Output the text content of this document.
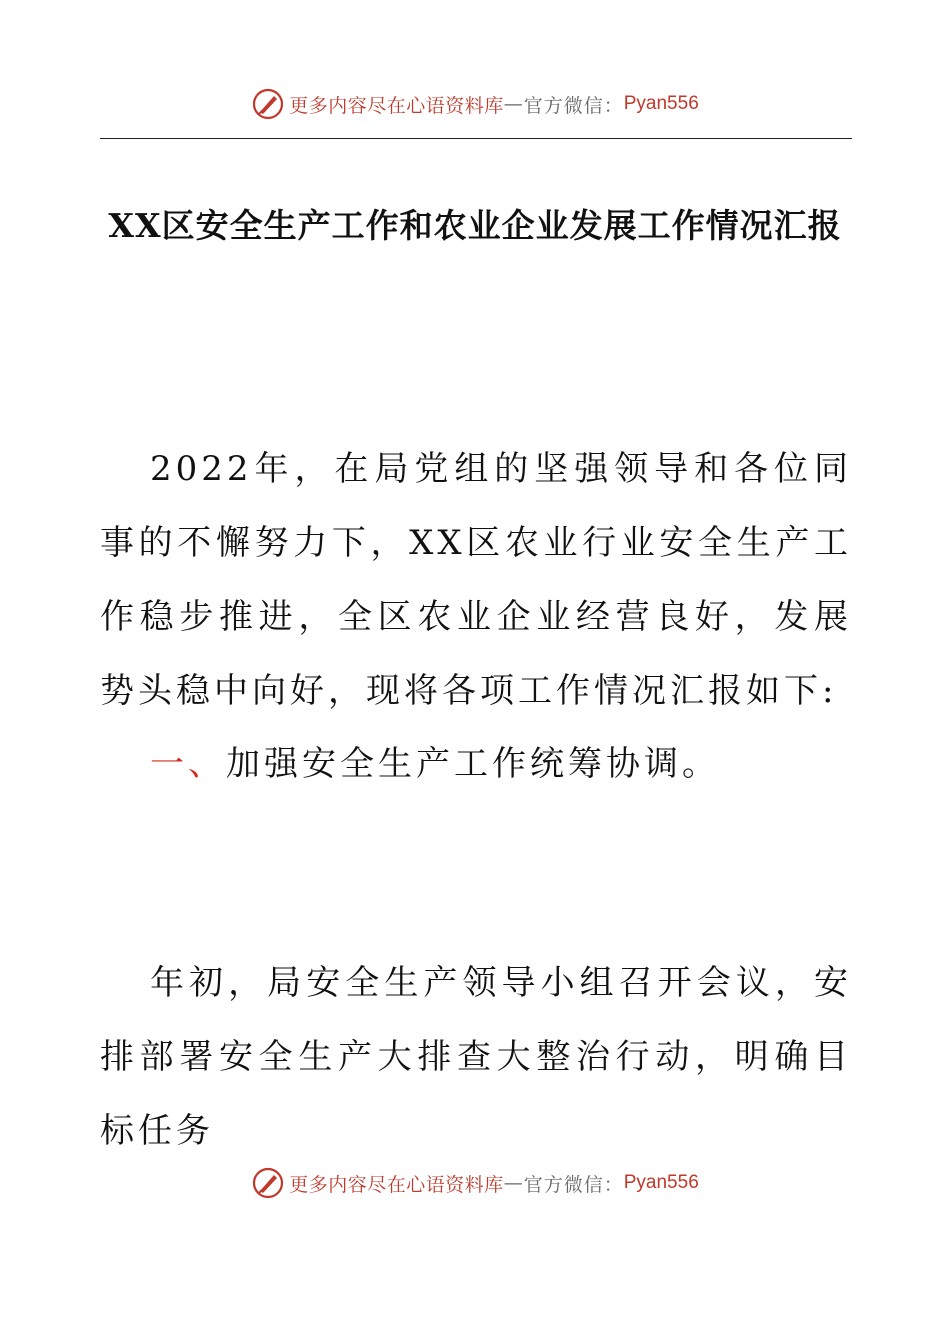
更多内容尽在心语资料库 — 官方微信： Pyan556
XX区安全生产工作和农业企业发展工作情况汇报

2022年，在局党组的坚强领导和各位同事的不懈努力下，XX区农业行业安全生产工作稳步推进，全区农业企业经营良好，发展势头稳中向好，现将各项工作情况汇报如下:

一、加强安全生产工作统筹协调。

年初，局安全生产领导小组召开会议，安排部署安全生产大排查大整治行动，明确目标任务

更多内容尽在心语资料库 — 官方微信： Pyan556
